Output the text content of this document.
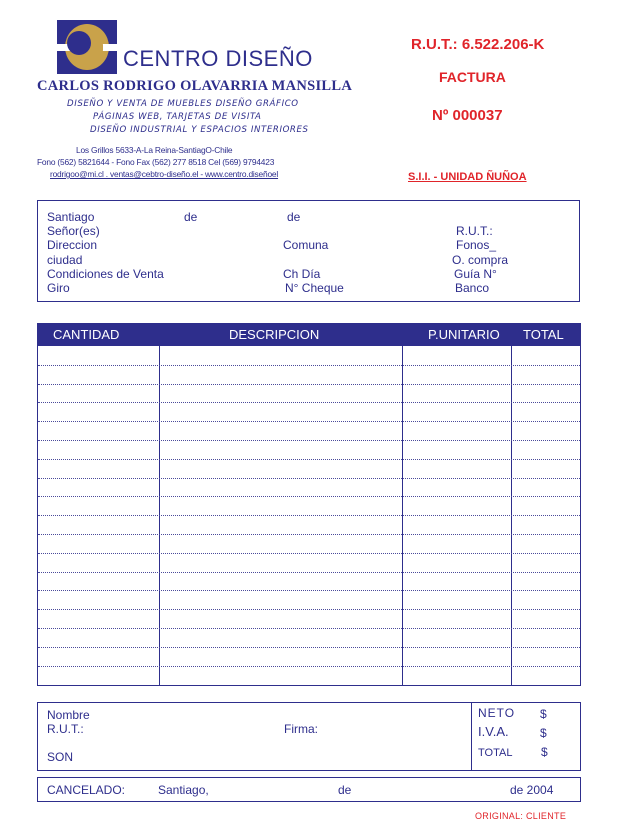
CENTRO DISEÑO
CARLOS RODRIGO OLAVARRIA MANSILLA
DISEÑO Y VENTA DE MUEBLES DISEÑO GRÁFICO
PÁGINAS WEB, TARJETAS DE VISITA
DISEÑO INDUSTRIAL Y ESPACIOS INTERIORES
Los Grillos 5633-A-La Reina-SantiagO-Chile
Fono (562) 5821644 - Fono Fax (562) 277 8518 Cel (569) 9794423
rodrigoo@mi.cl . ventas@cebtro-diseño.el - www.centro.diseñoel
R.U.T.: 6.522.206-K
FACTURA
Nº 000037
S.I.I. - UNIDAD ÑUÑOA
Santiago	de	de
Señor(es)	R.U.T.:
Direccion	Comuna	Fonos_
ciudad	O. compra
Condiciones de Venta	Ch Día	Guía N°
Giro	N° Cheque	Banco
CANTIDAD	DESCRIPCION	P.UNITARIO TOTAL
Nombre
R.U.T.:	Firma:
SON
NETO $
I.V.A.	$
TOTAL $
CANCELADO:	Santiago,	de	de 2004
ORIGINAL: CLIENTE
